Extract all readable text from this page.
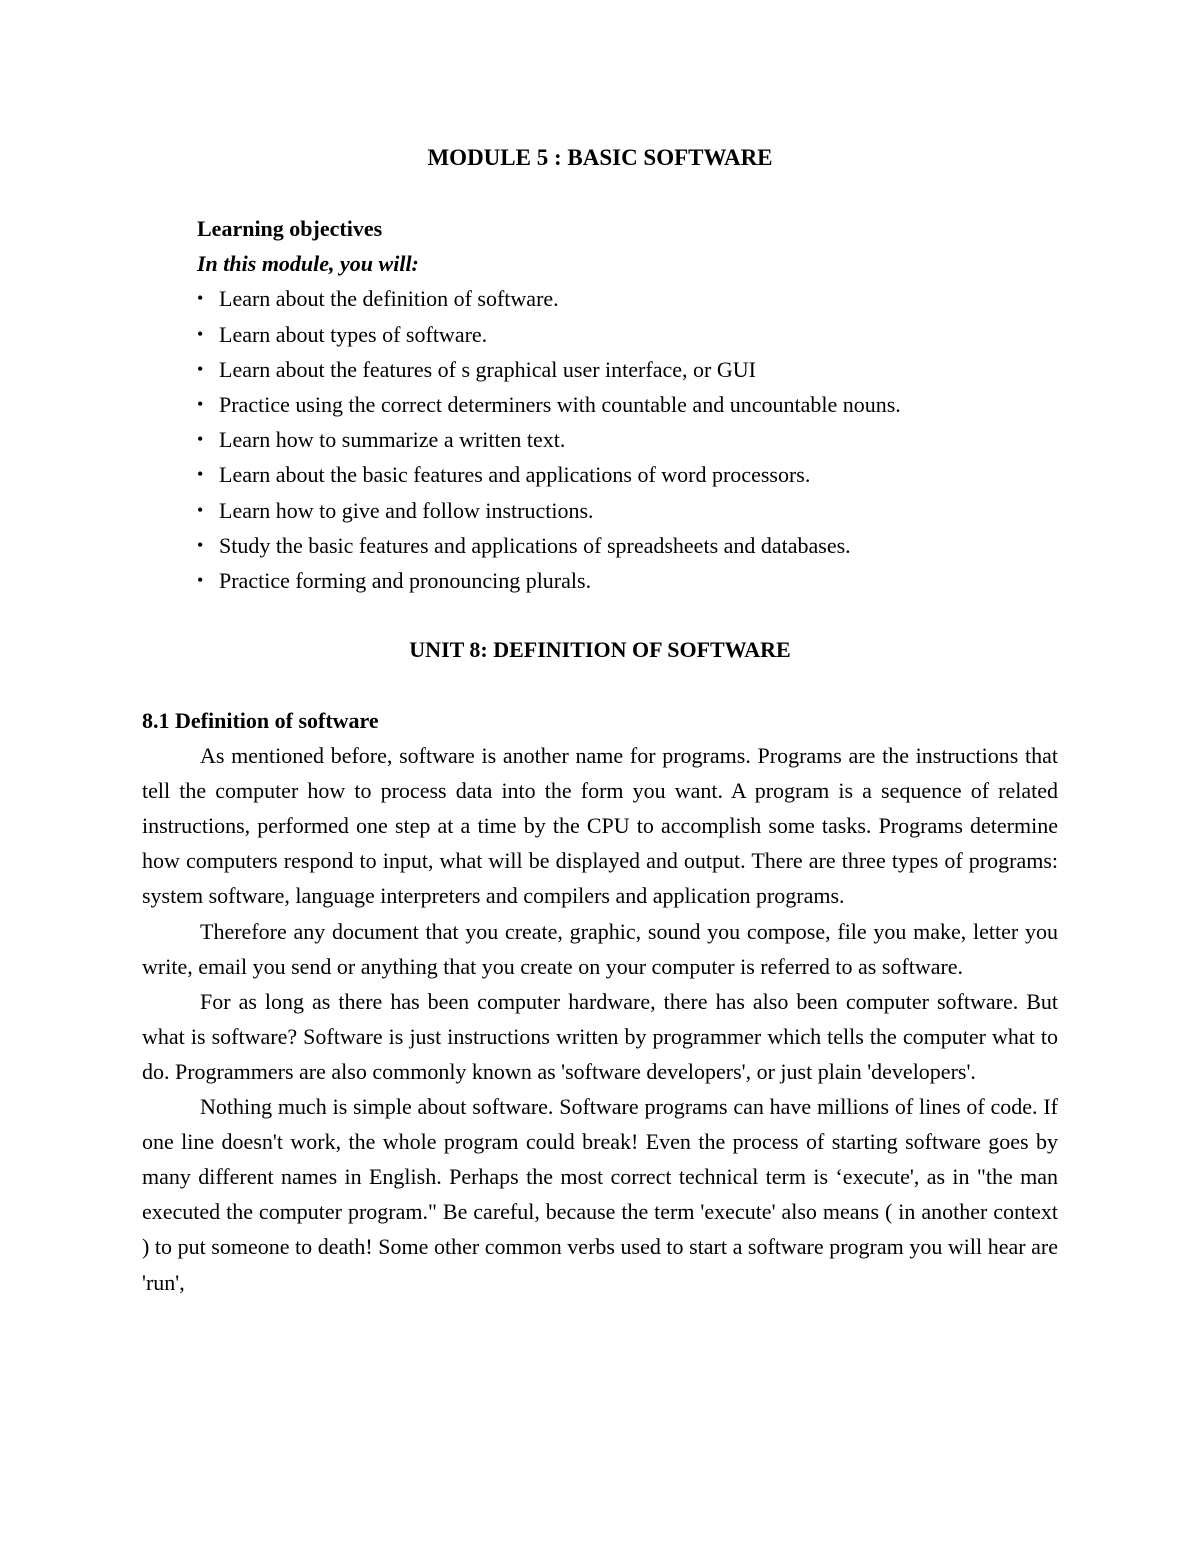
MODULE 5 : BASIC SOFTWARE

Learning objectives

In this module, you will:

• Learn about the definition of software.
• Learn about types of software.
• Learn about the features of s graphical user interface, or GUI
• Practice using the correct determiners with countable and uncountable nouns.
• Learn how to summarize a written text.
• Learn about the basic features and applications of word processors.
• Learn how to give and follow instructions.
• Study the basic features and applications of spreadsheets and databases.
• Practice forming and pronouncing plurals.
UNIT 8: DEFINITION OF SOFTWARE

8.1 Definition of software

As mentioned before, software is another name for programs. Programs are the instructions that tell the computer how to process data into the form you want. A program is a sequence of related instructions, performed one step at a time by the CPU to accomplish some tasks. Programs determine how computers respond to input, what will be displayed and output. There are three types of programs: system software, language interpreters and compilers and application programs.

Therefore any document that you create, graphic, sound you compose, file you make, letter you write, email you send or anything that you create on your computer is referred to as software.

For as long as there has been computer hardware, there has also been computer software. But what is software? Software is just instructions written by programmer which tells the computer what to do. Programmers are also commonly known as 'software developers', or just plain 'developers'.

Nothing much is simple about software. Software programs can have millions of lines of code. If one line doesn't work, the whole program could break! Even the process of starting software goes by many different names in English. Perhaps the most correct technical term is ‘execute', as in "the man executed the computer program." Be careful, because the term 'execute' also means ( in another context ) to put someone to death! Some other common verbs used to start a software program you will hear are 'run',
